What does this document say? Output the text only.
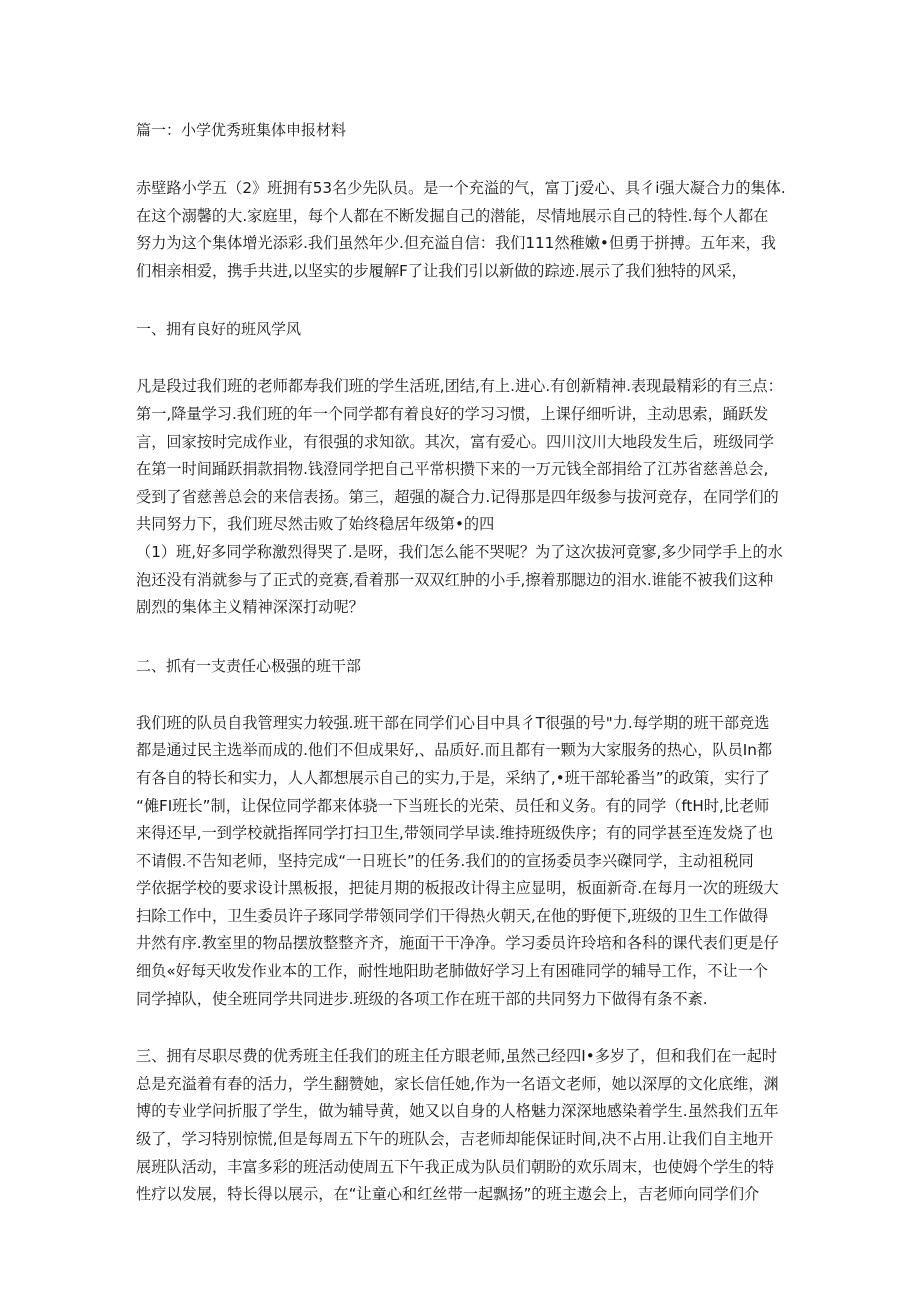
篇一：小学优秀班集体申报材料

赤壁路小学五（2》班拥有53名少先队员。是一个充溢的气，富丁j爱心、具彳i强大凝合力的集体.
在这个溺馨的大.家庭里，每个人都在不断发掘自己的潜能，尽情地展示自己的特性.每个人都在
努力为这个集体增光添彩.我们虽然年少.但充溢自信：我们111然稚嫩•但勇于拼搏。五年来，我
们相亲相爱，携手共进,以坚实的步履解F了让我们引以新做的踪迹.展示了我们独特的风采，

一、拥有良好的班风学风

凡是段过我们班的老师都寿我们班的学生活班,团结,有上.进心.有创新精神.表现最精彩的有三点：
第一,降量学习.我们班的年一个同学都有着良好的学习习惯，上课仔细听讲，主动思索，踊跃发
言，回家按时完成作业，有很强的求知欲。其次，富有爱心。四川汶川大地段发生后，班级同学
在第一时间踊跃捐款捐物.钱澄同学把自己平常枳攒下来的一万元钱全部捐给了江苏省慈善总会,
受到了省慈善总会的来信表扬。第三，超强的凝合力.记得那是四年级参与拔河竞存，在同学们的
共同努力下，我们班尽然击败了始终稳居年级第•的四
（1）班,好多同学称激烈得哭了.是呀，我们怎么能不哭呢？为了这次拔河竟寥,多少同学手上的水
泡还没有消就参与了正式的竞赛,看着那一双双红肿的小手,擦着那腮边的泪水.谁能不被我们这种
剧烈的集体主义精神深深打动呢？

二、抓有一支责任心极强的班干部

我们班的队员自我管理实力较强.班干部在同学们心目中具彳T很强的号"力.每学期的班干部竞选
都是通过民主选举而成的.他们不但成果好,、品质好.而且都有一颗为大家服务的热心，队员In都
有各自的特长和实力，人人都想展示自己的实力,于是，采纳了,•班干部轮番当”的政策，实行了
“傩FI班长”制，让保位同学都来体骁一下当班长的光荣、员任和义务。有的同学（ftH时,比老师
来得还早,一到学校就指挥同学打扫卫生,带领同学早读.维持班级佚序；有的同学甚至连发烧了也
不请假.不告知老师，坚持完成“一日班长”的任务.我们的的宣扬委员李兴磔同学，主动祖税同
学依据学校的要求设计黑板报，把徒月期的板报改计得主应显明，板面新奇.在每月一次的班级大
扫除工作中，卫生委员许子琢同学带领同学们干得热火朝天,在他的野便下,班级的卫生工作做得
井然有序.教室里的物品摆放整整齐齐，施面干干净净。学习委员许玲培和各科的课代表们更是仔
细负«好每天收发作业本的工作，耐性地阳助老肺做好学习上有困碓同学的辅导工作，不让一个
同学掉队，使全班同学共同进步.班级的各项工作在班干部的共同努力下做得有条不紊.
三、拥有尽职尽费的优秀班主任我们的班主任方眼老师,虽然己经四I•多岁了，但和我们在一起时
总是充溢着有春的活力，学生翻赞她，家长信任她,作为一名语文老师，她以深厚的文化底维，渊
博的专业学问折服了学生，做为辅导黄，她又以自身的人格魅力深深地感染着学生.虽然我们五年
级了，学习特别惊慌,但是每周五下午的班队会，吉老师却能保证时间,决不占用.让我们自主地开
展班队活动，丰富多彩的班活动使周五下午我正成为队员们朝盼的欢乐周末，也使姆个学生的特
性疗以发展，特长得以展示，在“让童心和红丝带一起飘扬”的班主遨会上，吉老师向同学们介
